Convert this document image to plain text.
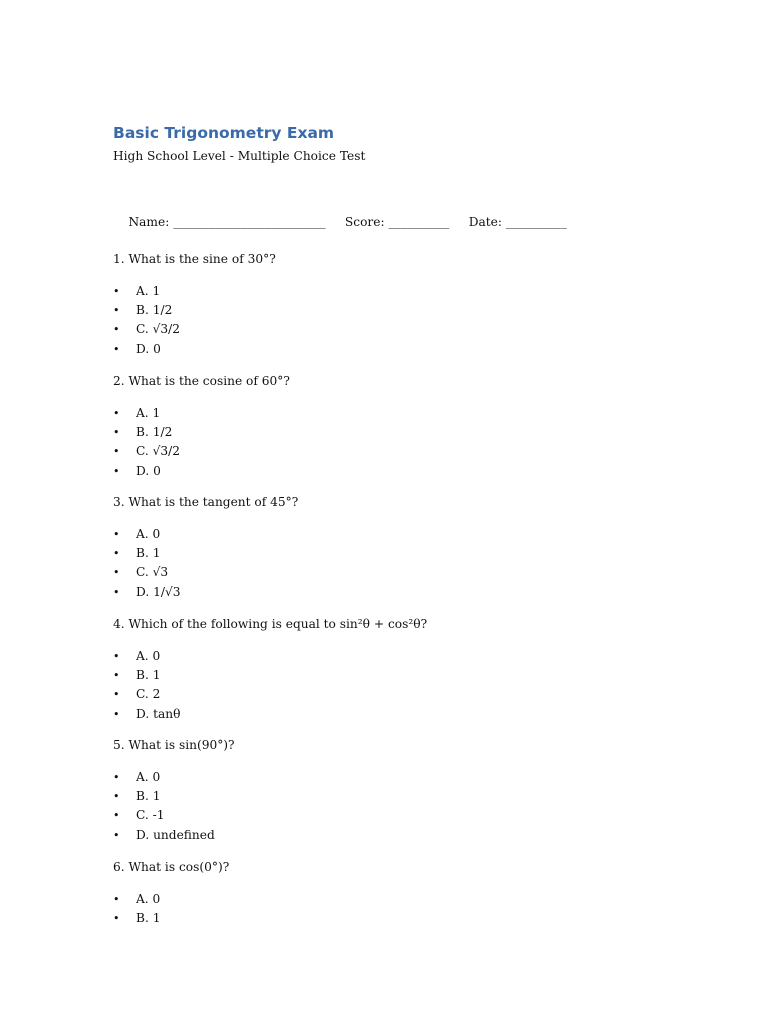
Basic Trigonometry Exam
High School Level - Multiple Choice Test

Name: _________________________ Score: __________ Date: __________

1. What is the sine of 30°?
• A. 1
• B. 1/2
• C. √3/2
• D. 0
2. What is the cosine of 60°?
• A. 1
• B. 1/2
• C. √3/2
• D. 0
3. What is the tangent of 45°?
• A. 0
• B. 1
• C. √3
• D. 1/√3
4. Which of the following is equal to sin²θ + cos²θ?
• A. 0
• B. 1
• C. 2
• D. tanθ
5. What is sin(90°)?
• A. 0
• B. 1
• C. -1
• D. undefined
6. What is cos(0°)?
• A. 0
• B. 1
